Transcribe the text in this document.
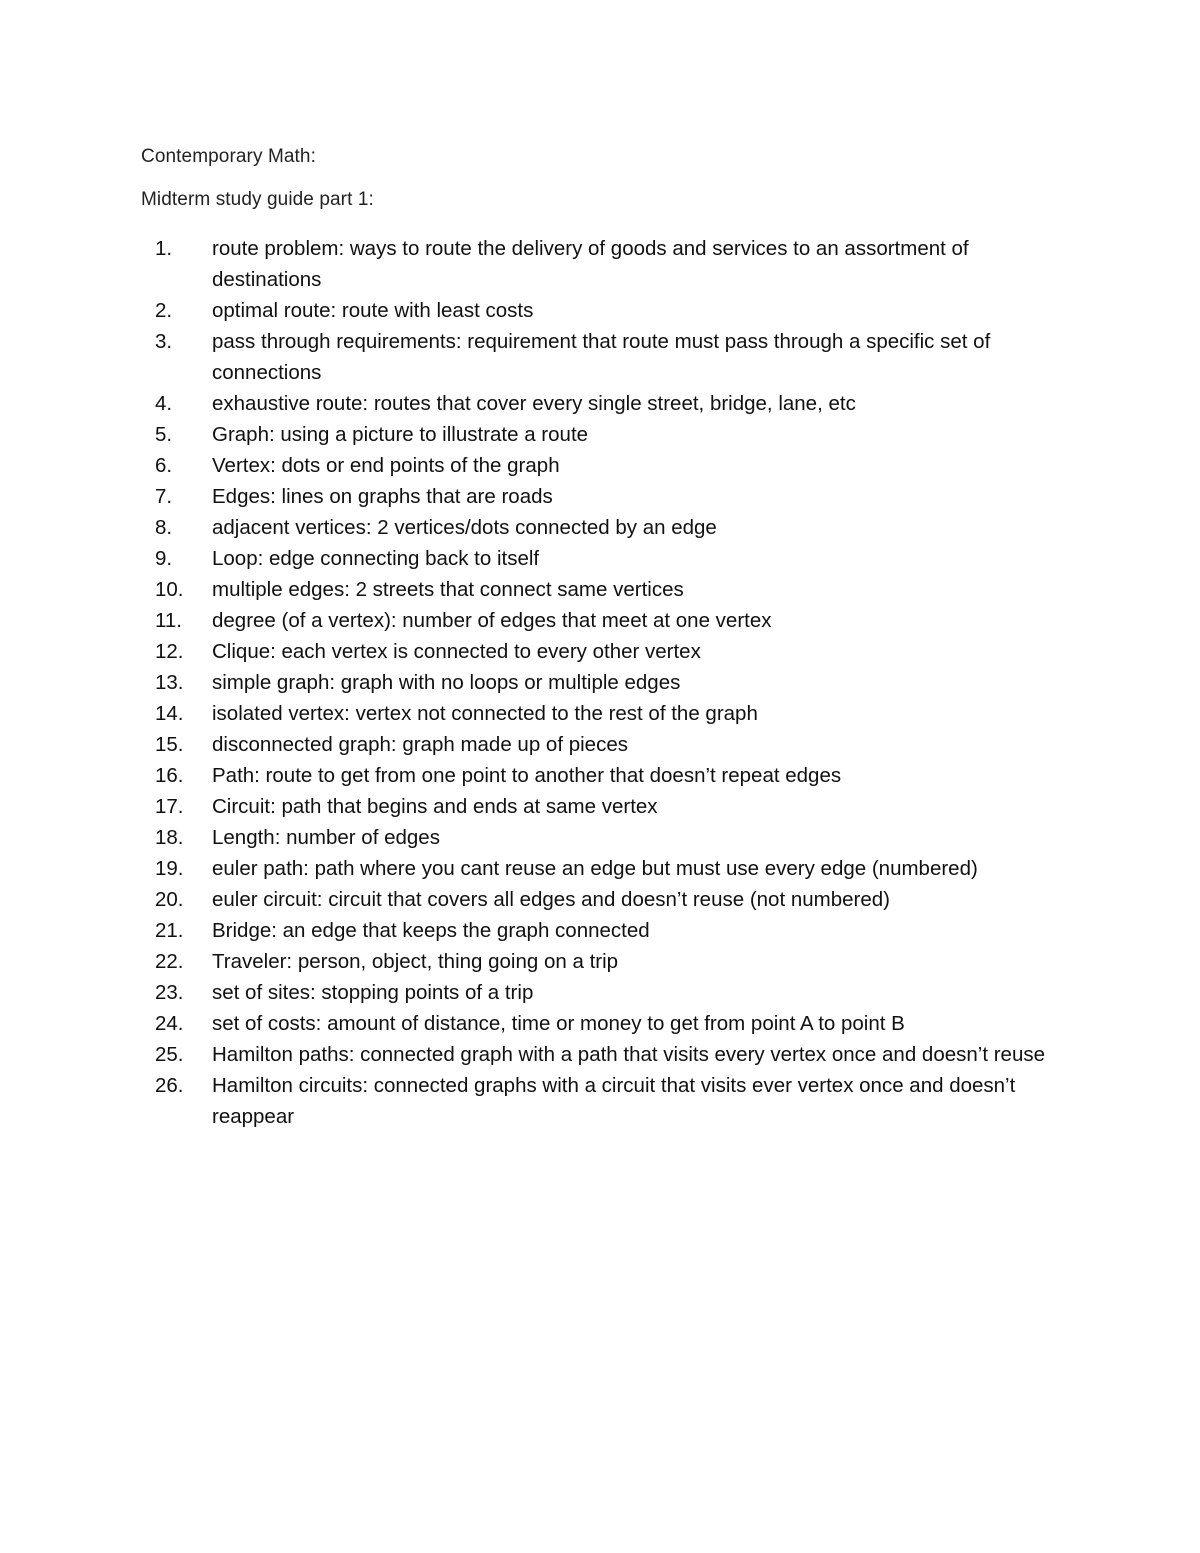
Contemporary Math:
Midterm study guide part 1:
1.	route problem: ways to route the delivery of goods and services to an assortment of destinations
2.	optimal route: route with least costs
3.	pass through requirements: requirement that route must pass through a specific set of connections
4.	exhaustive route: routes that cover every single street, bridge, lane, etc
5.	Graph: using a picture to illustrate a route
6.	Vertex: dots or end points of the graph
7.	Edges: lines on graphs that are roads
8.	adjacent vertices: 2 vertices/dots connected by an edge
9.	Loop: edge connecting back to itself
10.	multiple edges: 2 streets that connect same vertices
11.	degree (of a vertex): number of edges that meet at one vertex
12.	Clique: each vertex is connected to every other vertex
13.	simple graph: graph with no loops or multiple edges
14.	isolated vertex: vertex not connected to the rest of the graph
15.	disconnected graph: graph made up of pieces
16.	Path: route to get from one point to another that doesn’t repeat edges
17.	Circuit: path that begins and ends at same vertex
18.	Length: number of edges
19.	euler path: path where you cant reuse an edge but must use every edge (numbered)
20.	euler circuit: circuit that covers all edges and doesn’t reuse (not numbered)
21.	Bridge: an edge that keeps the graph connected
22.	Traveler: person, object, thing going on a trip
23.	set of sites: stopping points of a trip
24.	set of costs: amount of distance, time or money to get from point A to point B
25.	Hamilton paths: connected graph with a path that visits every vertex once and doesn’t reuse
26.	Hamilton circuits: connected graphs with a circuit that visits ever vertex once and doesn’t reappear
